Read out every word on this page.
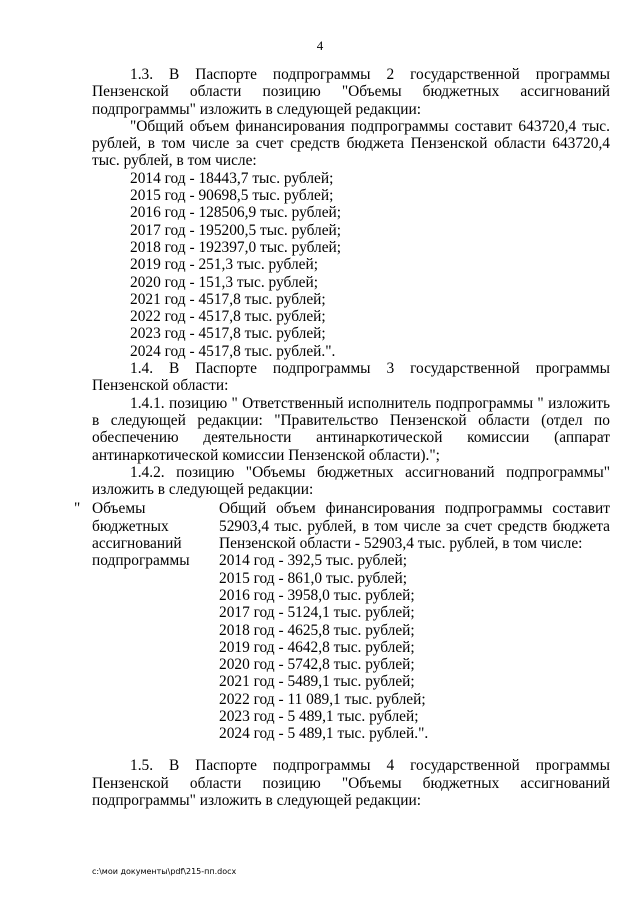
4

1.3. В Паспорте подпрограммы 2 государственной программы Пензенской области позицию "Объемы бюджетных ассигнований подпрограммы" изложить в следующей редакции:

"Общий объем финансирования подпрограммы составит 643720,4 тыс. рублей, в том числе за счет средств бюджета Пензенской области 643720,4 тыс. рублей, в том числе:

2014 год - 18443,7 тыс. рублей;

2015 год - 90698,5 тыс. рублей;

2016 год - 128506,9 тыс. рублей;

2017 год - 195200,5 тыс. рублей;

2018 год - 192397,0 тыс. рублей;

2019 год - 251,3 тыс. рублей;

2020 год - 151,3 тыс. рублей;

2021 год - 4517,8 тыс. рублей;

2022 год - 4517,8 тыс. рублей;

2023 год - 4517,8 тыс. рублей;

2024 год - 4517,8 тыс. рублей.".

1.4. В Паспорте подпрограммы 3 государственной программы Пензенской области:

1.4.1. позицию " Ответственный исполнитель подпрограммы " изложить в следующей редакции: "Правительство Пензенской области (отдел по обеспечению деятельности антинаркотической комиссии (аппарат антинаркотической комиссии Пензенской области).";

1.4.2. позицию "Объемы бюджетных ассигнований подпрограммы" изложить в следующей редакции:

" Объемы бюджетных ассигнований подпрограммы

Общий объем финансирования подпрограммы составит 52903,4 тыс. рублей, в том числе за счет средств бюджета Пензенской области - 52903,4 тыс. рублей, в том числе:

2014 год - 392,5 тыс. рублей;

2015 год - 861,0 тыс. рублей;

2016 год - 3958,0 тыс. рублей;

2017 год - 5124,1 тыс. рублей;

2018 год - 4625,8 тыс. рублей;

2019 год - 4642,8 тыс. рублей;

2020 год - 5742,8 тыс. рублей;

2021 год - 5489,1 тыс. рублей;

2022 год - 11 089,1 тыс. рублей;

2023 год - 5 489,1 тыс. рублей;

2024 год - 5 489,1 тыс. рублей.".

1.5. В Паспорте подпрограммы 4 государственной программы Пензенской области позицию "Объемы бюджетных ассигнований подпрограммы" изложить в следующей редакции:

c:\мои документы\pdf\215-пп.docx
